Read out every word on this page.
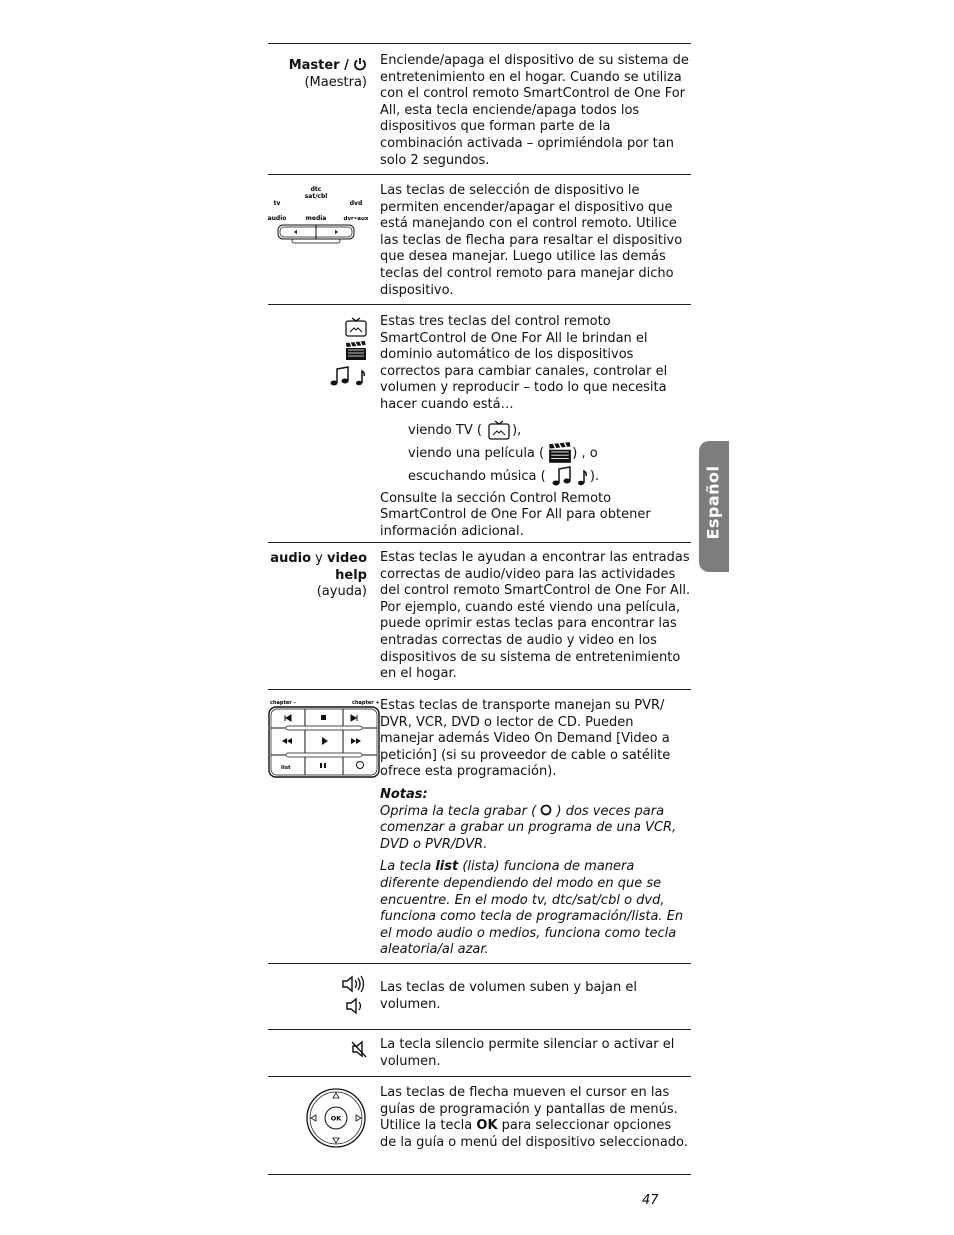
Master /
(Maestra)
Enciende/apaga el dispositivo de su sistema de entretenimiento en el hogar. Cuando se utiliza con el control remoto SmartControl de One For All, esta tecla enciende/apaga todos los dispositivos que forman parte de la combinación activada – oprimiéndola por tan solo 2 segundos.
tv
dtc
sat/cbl
dvd
audio	media	dvr•aux
Las teclas de selección de dispositivo le permiten encender/apagar el dispositivo que está manejando con el control remoto. Utilice las teclas de flecha para resaltar el dispositivo que desea manejar. Luego utilice las demás teclas del control remoto para manejar dicho dispositivo.
Estas tres teclas del control remoto SmartControl de One For All le brindan el dominio automático de los dispositivos correctos para cambiar canales, controlar el volumen y reproducir – todo lo que necesita hacer cuando está…
viendo TV ( ),
viendo una película ( ) , o
escuchando música (	).
Consulte la sección Control Remoto SmartControl de One For All para obtener información adicional.
audio y video
help
(ayuda)
Estas teclas le ayudan a encontrar las entradas correctas de audio/video para las actividades del control remoto SmartControl de One For All. Por ejemplo, cuando esté viendo una película, puede oprimir estas teclas para encontrar las entradas correctas de audio y video en los dispositivos de su sistema de entretenimiento en el hogar.
chapter -	chapter +
list
Estas teclas de transporte manejan su PVR/ DVR, VCR, DVD o lector de CD. Pueden manejar además Video On Demand [Video a petición] (si su proveedor de cable o satélite ofrece esta programación).
Notas:
Oprima la tecla grabar ( ) dos veces para comenzar a grabar un programa de una VCR, DVD o PVR/DVR.
La tecla list (lista) funciona de manera diferente dependiendo del modo en que se encuentre. En el modo tv, dtc/sat/cbl o dvd, funciona como tecla de programación/lista. En el modo audio o medios, funciona como tecla aleatoria/al azar.
Las teclas de volumen suben y bajan el volumen.
La tecla silencio permite silenciar o activar el volumen.
OK
Las teclas de flecha mueven el cursor en las guías de programación y pantallas de menús. Utilice la tecla OK para seleccionar opciones de la guía o menú del dispositivo seleccionado.
Español
47
